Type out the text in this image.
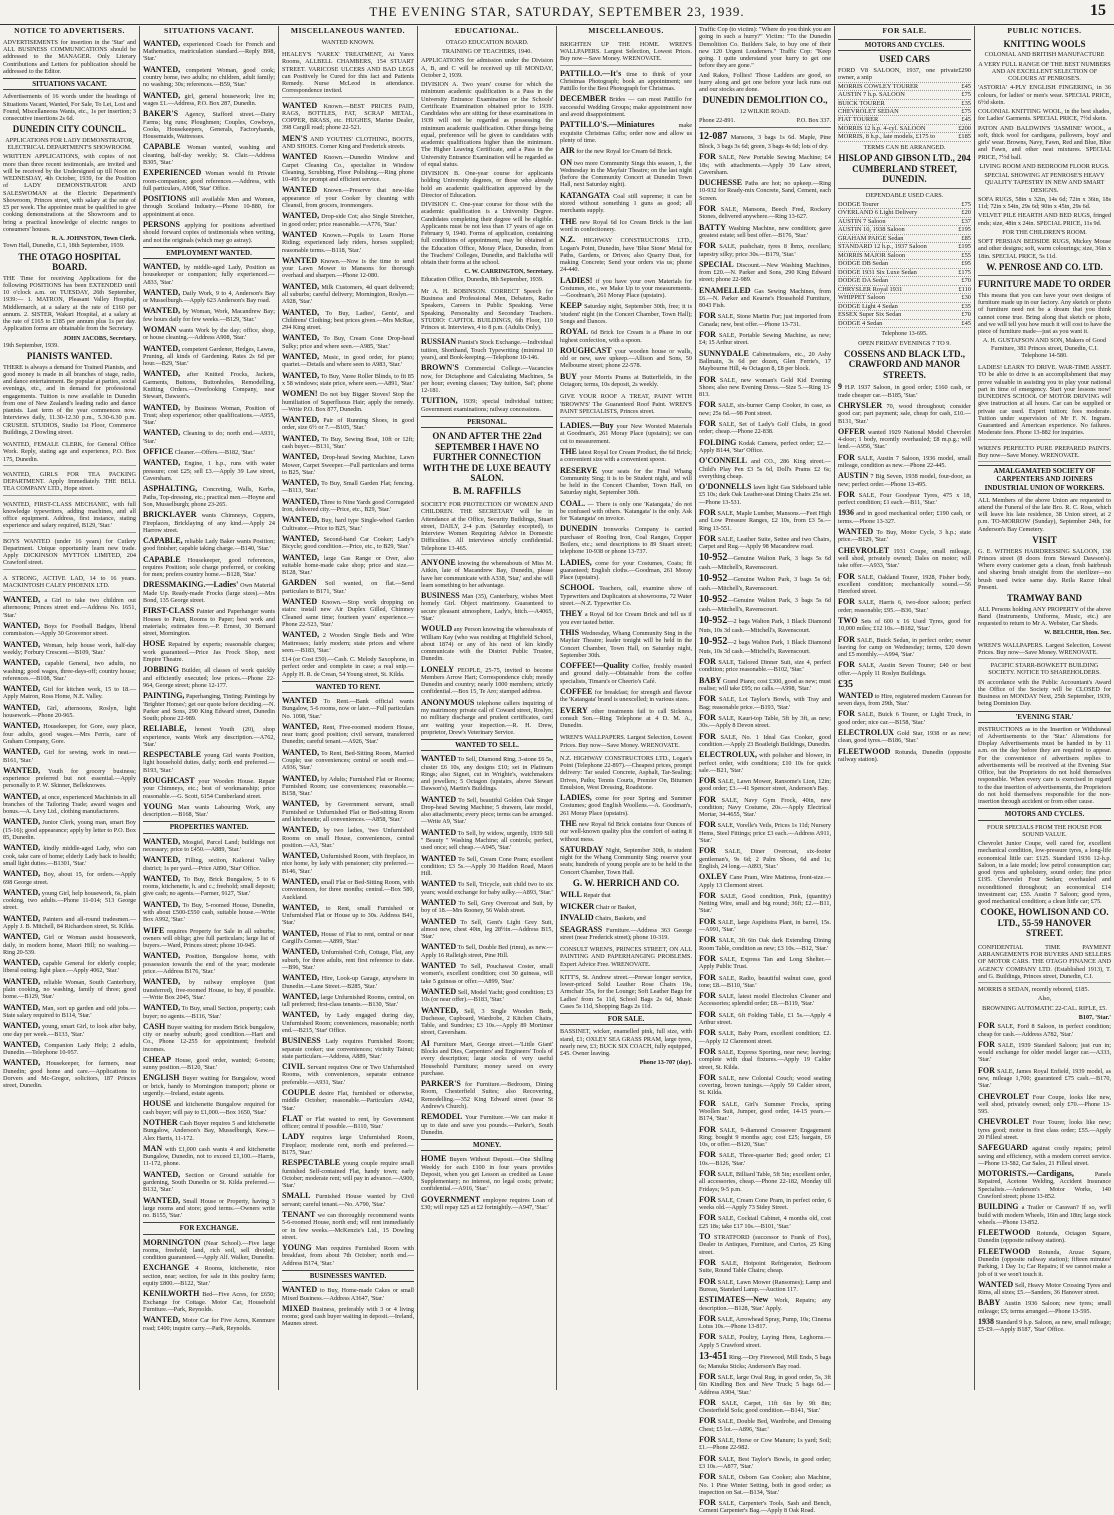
THE EVENING STAR, SATURDAY, SEPTEMBER 23, 1939.	15
NOTICE TO ADVERTISERS.
ADVERTISEMENTS for insertion in the 'Star' and ALL BUSINESS COMMUNICATIONS should be addressed to the MANAGER. Only Literary Contributions and Letters for publication should be addressed to the Editor.
SITUATIONS VACANT.
Advertisements of 16 words under the headings of Situations Vacant, Wanted, For Sale, To Let, Lost and Found, Miscellaneous Wants, etc., 1s per insertion; 3 consecutive insertions 2s 6d.
DUNEDIN CITY COUNCIL.
APPLICATIONS FOR LADY DEMONSTRATOR, ELECTRICAL DEPARTMENT'S SHOWROOM.
WRITTEN APPLICATIONS, with copies of not more than three recent testimonials, are invited and will be received by the Undersigned up till Noon on WEDNESDAY, 4th October, 1939, for the Position of LADY DEMONSTRATOR AND SALESWOMAN at the Electric Department's Showroom, Princes street, with salary at the rate of £5 per week. The appointee must be qualified to give cooking demonstrations at the Showroom and to bring a practical knowledge of electric ranges to consumers' houses.
R. A. JOHNSTON, Town Clerk.
Town Hall, Dunedin, C.1, 18th September, 1939.
THE OTAGO HOSPITAL BOARD.
THE Time for receiving Applications for the following POSITIONS has been EXTENDED until 10 o'clock a.m. on TUESDAY, 26th September, 1939:— 1. MATRON, Pleasant Valley Hospital, Middlemarch, at a salary at the rate of £160 per annum. 2. SISTER, Wakari Hospital, at a salary at the rate of £165 to £185 per annum plus 1s per day. Application forms are obtainable from the Secretary.
JOHN JACOBS, Secretary.
19th September, 1939.
PIANISTS WANTED.
THERE is always a demand for Trained Pianists, and good money is made in all branches of stage, radio, and dance entertainment. Be popular at parties, social evenings, etc., and in demand for professional engagements. Tuition is now available in Dunedin from one of New Zealand's leading radio and dance pianists. Last term of the year commences now. Interviews daily, 11.30-12.30 p.m., 5.30-6.30 p.m. CRUSEIL STUDIOS, Studio 1st Floor, Commerce Buildings, 2 Dowling street.
WANTED, FEMALE CLERK, for General Office Work. Reply, stating age and experience, P.O. Box 175, Dunedin.
WANTED, GIRLS FOR TEA PACKING DEPARTMENT. Apply Immediately. THE BELL TEA COMPANY LTD., Hope street.
WANTED, FIRST-CLASS MECHANIC, with full knowledge typewriters, adding machines, and all office equipment. Address, first instance, stating experience and salary required, B129, 'Star.'
BOYS WANTED (under 16 years) for Cutlery Department. Unique opportunity learn new trade. Apply DICKINSON MYTTON LIMITED, 204 Crawford street.
A STRONG, ACTIVE LAD, 14 to 16 years. MACKINTOSH CALEY PHOENIX LTD.
WANTED, a Girl to take two children out afternoons; Princes street end.—Address No. 1651, 'Star.'
WANTED, Boys for Football Badges, liberal commission.—Apply 30 Grosvenor street.
WANTED, Woman, help house work, half-day weekly; Forbury Crescent.—B109, 'Star.'
WANTED, capable General, two adults, no washing; good wages, three-days-off; country house; references.—B108, 'Star.'
WANTED, Girl for kitchen work, 15 to 18.—Apply Matron, Ross Home, N.E. Valley.
WANTED, Girl, afternoons, Roslyn, light housework.—Phone 20-965.
WANTED, Housekeeper, for Gore, easy place, four adults, good wages.—Mrs Ferris, care of Graham Company, Gore.
WANTED, Girl for sewing, work in neat.—B161, 'Star.'
WANTED, Youth for grocery business; experience preferred but not essential.—Apply personally to P. W. Skinner, Belleknowes.
WANTED, at once, experienced Machinists in all branches of the Tailoring Trade; award wages and bonus.—A. Levy Ltd., clothing manufacturers.
WANTED, Junior Clerk, young man, smart Boy (15-16); good appearance; apply by letter to P.O. Box 85, Dunedin.
WANTED, kindly middle-aged Lady, who can cook, take care of home; elderly Lady back to health; small light duties.—B1301, 'Star.'
WANTED, Boy, about 15, for orders.—Apply 698 George street.
WANTED, young Girl, help housework, 6s, plain cooking, two adults.—Phone 11-014; 513 George street.
WANTED, Painters and all-round tradesmen.—Apply J. B. Mitchell, 84 Richardson street, St. Kilda.
WANTED, Girl or Woman assist housework, daily, in modern home, Maori Hill; no washing.—Ring 20-539.
WANTED, capable General for elderly couple; liberal outing; light place.—Apply 4062, 'Star.'
WANTED, reliable Woman, South Canterbury, plain cooking, no washing, family of three; good home.—B129, 'Star.'
WANTED, Man, sort up garden and odd jobs.—State salary required to B114, 'Star.'
WANTED, young, smart Girl, to look after baby, one day per week.—B133, 'Star.'
WANTED, Companion Lady Help; 2 adults, Dunedin.—Telephone 10-957.
WANTED, Housekeeper, for farmers, near Dunedin; good home and care.—Applications to Dorvers and Mc-Gregor, solicitors, 187 Princes street, Dunedin.
SITUATIONS VACANT.
WANTED, experienced Coach for French and Mathematics, matriculation standard.—Reply B98, 'Star.'
WANTED, competent Woman, good cook; country home, two adults; no children, adult family; no washing; 30s; references.—B59, 'Star.'
WANTED, girl, general housework; live in; wages £1.—Address, P.O. Box 287, Dunedin.
BAKER'S Agency, Stafford street.—Dairy Farms; big runs; Ploughmen; Couples, Cowboys, Cooks, Housekeepers, Generals, Factoryhands, Housemaids, Waitresses.
CAPABLE Woman wanted, washing and cleaning, half-day weekly; St. Clair.—Address B305, 'Star.'
EXPERIENCED Woman would fit Private room-companion; good references.—Address, with full particulars, A908, 'Star' Office.
POSITIONS still available Men and Women, through Scotland Industry.—Phone 10-880, for appointment at once.
PERSONS applying for positions advertised should forward copies of testimonials when writing, and not the originals (which may go astray).
EMPLOYMENT WANTED.
WANTED, by middle-aged Lady, Position as housekeeper or companion; fully experienced.—A833, 'Star.'
WANTED, Daily Work, 9 to 4, Anderson's Bay or Musselburgh.—Apply 623 Anderson's Bay road.
WANTED, by Woman, Work, Macandrew Bay; few hours daily for few weeks.—B129, 'Star.'
WOMAN wants Work by the day; office, shop, or house cleaning.—Address A908, 'Star.'
WANTED, competent Gardener, Hedges, Lawns, Pruning, all kinds of Gardening. Rates 2s 6d per hour.—B29, 'Star.'
WANTED, after Knitted Frocks, Jackets, Garments, Buttons, Buttonholes, Remodelling, Knitting Orders.—Overlooking Company, near Stewart, Dawson's.
WANTED, by Business Woman, Position of Trust; shop experience; other qualifications.—A955, 'Star.'
WANTED, Cleaning to do; north end.—A931, 'Star.'
OFFICE Cleaner.—Offers.—B182, 'Star.'
WANTED, Engine, 1 h.p., runs with water pressure; cost £25; sell £3.—Apply 39 Law street, Caversham.
ASPHALTING, Concreting, Walls, Kerbs, Paths, Top-dressing, etc.; practical men.—Hoyne and Son, Musselburgh; phone 23-265.
BRICKLAYER wants Chimneys, Coppers, Fireplaces, Bricklaying of any kind.—Apply 24 Harrow street.
CAPABLE, reliable Lady Baker wants Position; good finisher; capable taking charge.—B140, 'Star.'
CAPABLE Housekeeper, good references, requires Position; sole charge preferred, or cooking for men; prefers country home.—B128, 'Star.'
DRESSMAKING.—Ladies' Own Material Made Up. Ready-made Frocks (large sizes).—Mrs Bond, 135 George street.
FIRST-CLASS Painter and Paperhanger wants Houses to Paint, Rooms to Paper; best work and materials; estimates free.—P. Ernest, 30 Bernard street, Mornington.
HOSE Repaired by experts; reasonable charges; work guaranteed.—Price Jas Frock Shop, next Empire Theatre.
JOBBING Builder, all classes of work quickly and efficiently executed; low prices.—Phone 22-964, George street; phone 12-177.
PAINTING, Paperhanging, Tinting; Paintings by 'Brighter Homes'; get our quote before deciding.—N. Parker and Sons, 290 King Edward street, Dunedin South; phone 22-989.
RELIABLE, honest Youth (20), shop experience, wants Work any description.—A762, 'Star.'
RESPECTABLE young Girl wants Position, light household duties, daily; north end preferred.—B193, 'Star.'
ROUGHCAST your Wooden House. Repair your Chimneys, etc.; best of workmanship; price reasonable.—G. Scott, 6154 Cumberland street.
YOUNG Man wants Labouring Work, any description.—B168, 'Star.'
PROPERTIES WANTED.
WANTED, Mosgiel, Parcel Land; buildings not necessary; price to £450.—A889, 'Star.'
WANTED, Filling, section, Kaikorai Valley district; 1s per yard.—Price A890, 'Star' Office.
WANTED, To Buy, Brick Bungalow, 5 to 6 rooms, kitchenette, h. and c.; freehold; small deposit; give cash; no agents.—Farmer, 9127, 'Star.'
WANTED, To Buy, 5-roomed House, Dunedin, with about £500-£550 cash, suitable house.—Write Box A992, 'Star.'
WIFE requires Property for Sale in all suburbs; owners will oblige; give full particulars; large list of buyers.—Ward, Princes street; phone 10-945.
WANTED, Position, Bungalow home, with possession towards the end of the year; moderate price.—Address B176, 'Star.'
WANTED, by railway employee (just transferred), five-roomed House, to buy, if possible.—Write Box 2045, 'Star.'
WANTED, To Buy, small Section, property; cash buyer; no agents.—B116, 'Star.'
CASH Buyer waiting for modern Brick bungalow, city or nearby suburb; good condition.—Hart and Co., Phone 12-255 for appointment; freehold incomes.
CHEAP House, good order, wanted; 6-room; sunny position.—B120, 'Star.'
ENGLISH Buyer waiting for Bungalow, wood or brick, handy to Mornington transport; phone or urgently.—Ireland, estate agents.
HOUSE and kitchenette Bungalow required for cash buyer; will pay to £1,000.—Box 1650, 'Star.'
NOTHER Cash Buyer requires 5 and kitchenette Bungalow, Anderson's Bay, Musselburgh, Kew.—Alex Harris, 11-172.
MAN with £1,000 cash wants 4 and kitchenette Bungalow, Dunedin, not to exceed £1,100.—Harris, 11-172, phone.
WANTED, Section or Ground suitable for gardening, South Dunedin or St. Kilda preferred.—B132, 'Star.'
WANTED, Small House or Property, having 3 large rooms and store; good terms.—Owners write no. B155, 'Star.'
FOR EXCHANGE.
MORNINGTON (Near School).—Five large rooms, freehold; land, rich soil, sell divided; condition guaranteed.—Apply Alf. Walker, Dunedin.
EXCHANGE 4 Rooms, kitchenette, nice section, near; section, for sale in this poultry farm; equity £800.—B122, 'Star.'
KENILWORTH Bed—Five Acres, for £650; Exchange for Cottage. Motor Car, Household Furniture.—Park, Reynolds.
WANTED, Motor Car for Five Acres, Kenmure road; £400; inquire carry.—Park, Reynolds.
MISCELLANEOUS WANTED.
WANTED KNOWN.
HEALEY'S 'YAREX' TREATMENT, At Yarex Rooms, ALLBELL CHAMBERS, 154 STUART STREET. VARICOSE ULCERS AND BAD LEGS can Positively be Cured for this fact and Patients Remedy. Nurse McLeod in attendance. Correspondence invited.
WANTED Known.—BEST PRICES PAID, RAGS, BOTTLES, FAT, SCRAP METAL, COPPER, BRASS, etc. HUGHES, Marine Dealer, 398 Cargill road; phone 22-521.
MEN'S AND YOUTHS' CLOTHING, BOOTS, AND SHOES. Corner King and Frederick streets.
WANTED Known.—Dunedin Window and Carpet Cleaning Co., specialize in Window Cleaning, Scrubbing, Floor Polishing.—Ring phone 10-495 for prompt and efficient service.
WANTED Known.—Preserve that new-like appearance of your Cooker by cleaning with Cleansil, from grocers, ironmongers.
WANTED, Drop-side Cot; also Single Stretcher, in good order; price reasonable.—A776, 'Star.'
WANTED Known.—Pupils to Learn Horse Riding; experienced lady riders, horses supplied; reasonable terms.—B118, 'Star.'
WANTED Known.—Now is the time to send your Lawn Mower to Mansons for thorough overhaul and sharpen.—Phone 12-080.
WANTED, Milk Customers, 4d quart delivered; all suburbs; careful delivery; Mornington, Roslyn.—A928, 'Star.'
WANTED, To Buy, Ladies', Gents', and Childrens' Clothing; best prices given.—Mrs McRae, 294 King street.
WANTED, To Buy, Cream Cone Drop-head Sulky; price and where seen.—A985, 'Star.'
WANTED, Music, in good order, for piano; quartet.—Details and where seen to A983, 'Star.'
WANTED, To Buy, Varee Roller Blinds, to fit 85 x 58 windows; state price, where seen.—A891, 'Star.'
WOMEN! Do not buy Bigger Stoves! Stop the humiliation of Superfluous Hair; apply the remedy.—Write P.O. Box 877, Dunedin.
WANTED, Pair of Running Shoes, in good order, size 6½ or 7.—B105, 'Star.'
WANTED, To Buy, Sewing Boat, 10ft or 12ft; cash buyer.—B131, 'Star.'
WANTED, Drop-head Sewing Machine, Lawn Mower, Carpet Sweeper.—Full particulars and terms to B25, 'Star.'
WANTED, To Buy, Small Garden Flat; fencing.—B113, 'Star.'
WANTED, Three to Nine Yards good Corrugated Iron, delivered city.—Price, etc., B29, 'Star.'
WANTED, Buy, hard type Single-wheel Garden Cultivator.—Price to B25, 'Star.'
WANTED, Second-hand Car Cooker; Lady's Bicycle; good condition.—Price, etc., to B29, 'Star.'
WANTED, large Gas Range or Over, also suitable home-made cake shop; price and size.—B128, 'Star.'
GARDEN Soil wanted, on flat.—Send particulars to B171, 'Star.'
WANTED Known.—Stop work dropping on stairs: install new Air Duplex Gilled, Chimney Cleaned same time; fourteen years' experience.—Phone 22-523, 'Star.'
WANTED, 2 Wooden Single Beds and Wire Mattresses; fairly modern; state prices and where seen.—B183, 'Star.'
£14 (or Cost £50).—Cash. C. Melody Saxophone, in perfect order and complete in case; a real snip.—Apply H. R. de Crean, 54 Young street, St. Kilda.
WANTED TO RENT.
WANTED To Rent.—Bank official wants Bungalow, 5-6 rooms, now or later.—Full particulars No. 1098, 'Star.'
WANTED, Rent, Five-roomed modern House, near tram; good position; civil servant, transferred Dunedin; careful tenant.—A926, 'Star.'
WANTED, To Rent, Bed-Sitting Room, Married Couple; use conveniences; central or south end.—A936, 'Star.'
WANTED, by Adults; Furnished Flat or Rooms; Furnished Room; use conveniences; reasonable.—B158, 'Star.'
WANTED, by Government servant, small Furnished or Unfurnished Flat or Bed-sitting Room and kitchenette; all conveniences.—A858, 'Star.'
WANTED, by two ladies, 'two Unfurnished Rooms on small House, conveniences, central position.—A3, 'Star.'
WANTED, Unfurnished Room, with fireplace, in nice home, by lady with pensioner; city preferred.—B146, 'Star.'
WANTED, small Flat or Bed-Sitting Room, with conveniences, for three months; central.—Box 580, Auckland.
WANTED, to Rent, small Furnished or Unfurnished Flat or House up to 30s. Address B41, 'Star.'
WANTED, House of Flat to rent, central or near Cargill's Corner.—A899, 'Star.'
WANTED, Unfurnished Crib, Cottage, Flat, any suburb, for three adults, rent first reference to date.—B96, 'Star.'
WANTED, Hire, Look-up Garage, anywhere in Dunedin.—Lane Street.—B285, 'Star.'
WANTED, large Unfurnished Rooms, central, on tall preferred; first-class tenants.—B130, 'Star.'
WANTED, by Lady engaged during day, Unfurnished Room; conveniences, reasonable; north end.—B215, 'Star' Office.
BUSINESS Lady requires Furnished Room; separate cooker; use conveniences; vicinity Tainui; state particulars.—Address, A889, 'Star.'
CIVIL Servant requires One or Two Unfurnished Rooms, with conveniences, separate entrance preferable.—A931, 'Star.'
COUPLE desire Flat, furnished or otherwise, middle October; reasonable.—Particulars A942, 'Star.'
FLAT or Flat wanted to rent, by Government officer; central if possible.—B110, 'Star.'
LADY requires large Unfurnished Room, Fireplace; moderate rent, north end preferred.—B175, 'Star.'
RESPECTABLE young couple require small furnished Self-contained Flat, handy town; early October; moderate rent; will pay in advance.—A900, 'Star.'
SMALL Furnished House wanted by Civil servant; careful tenant.—No. A790, 'Star.'
TENANT we can thoroughly recommend wants 5-6-roomed House, north end; will rent immediately or in few weeks.—McKenzie's Ltd., 15 Dowling street.
YOUNG Man requires Furnished Room with breakfast, from about 7th October; north end.—Address B174, 'Star.'
BUSINESSES WANTED.
WANTED to Buy, Home-made Cakes or small Mixed Business.—Address A3647, 'Star.'
MIXED Business, preferably with 3 or 4 living rooms; good cash buyer waiting in deposit.—Ireland, Maunes street.
EDUCATIONAL.
OTAGO EDUCATION BOARD.
TRAINING OF TEACHERS, 1940.
APPLICATIONS for admission under the Division A, B, and C will be received up till MONDAY, October 2, 1939.
DIVISION A. Two years' course for which the minimum academic qualification is a Pass in the University Entrance Examination or the Schools' Certificate Examination obtained prior to 1939. Candidates who are sitting for these examinations in 1939 will not be regarded as possessing the minimum academic qualification. Other things being equal, preference will be given to candidates with academic qualifications higher than the minimum. The Higher Leaving Certificate, and a Pass in the University Entrance Examination will be regarded as of equal status.
DIVISION B. One-year course for applicants holding University degrees, or those who already hold an academic qualification approved by the Director of Education.
DIVISION C. One-year course for those with the academic qualification is a University Degree. Candidates completing their degree will be eligible. Applicants must be not less than 17 years of age on February 9, 1940. Forms of application, containing full conditions of appointment, may be obtained at the Education Office, Moray Place, Dunedin, from the Teachers' Colleges, Dunedin, and Balclutha will obtain their forms at the school.
C. W. CARRINGTON, Secretary.
Education Office, Dunedin, 8th September, 1939.
Mr A. H. ROBINSON. CORRECT Speech for Business and Professional Men, Debaters, Radio Speakers, Careers in Public Speaking. Verse Speaking, Personality and Secondary Teachers. STUDIO: CAPITOL BUILDINGS, 6th Floor, 110 Princes st. Interviews, 4 to 8 p.m. (Adults Only).
RUSSIAN Pianist's Stock Exchange.—Individual tuition, Shorthand, Touch Typewriting (minimal 10 years), and Book-keeping.—Telephone 10-146.
BROWN'S Commercial College.—Vacancies now, for Dictaphone and Calculating Machines, 5s per hour; evening classes; 'Day tuition, Sat'; phone 12-181.
TUITION, 1939; special individual tuition; Government examinations; railway concessions.
PERSONAL.
ON AND AFTER THE 22nd SEPTEMBER I HAVE NO FURTHER CONNECTION WITH THE DE LUXE BEAUTY SALON.
B. M. RAFFILLS
SOCIETY FOR PROTECTION OF WOMEN AND CHILDREN. THE SECRETARY will be in Attendance at the Office, Security Buildings, Stuart street, DAILY, 2-4 p.m. (Saturday excepted), to Interview Women Requiring Advice in Domestic Difficulties. All interviews strictly confidential. Telephone 13-465.
ANYONE knowing the whereabouts of Miss M. Aitkin, late of Macandrew Bay, Dunedin, please have her communicate with A338, 'Star,' and she will learn something to her advantage.
BUSINESS Man (35), Canterbury, wishes Meet homely Girl. Object matrimony. Guaranteed to secure pleasant atmosphere, Lady's, hitch.—A4065, 'Star.'
WOULD any Person knowing the whereabouts of William Kay (who was residing at Highfield School, about 1874) or any of his next of kin kindly communicate with the District Public Trustee, Dunedin.
LONELY PEOPLE, 25-75, invited to become Members Arrow Hart; Correspondence club; mostly Dunedin and country; nearly 1000 members; strictly confidential.—Box 15, Te Aro; stamped address.
ANONYMOUS telephone callers inquiring of my matrimony private call of Coward street, Roslyn; no military discharge and prudent certificates, card are waiting your inspection.—R. H. Drew, proprietor, Drew's Veterinary Service.
WANTED TO SELL.
WANTED To Sell, Diamond Ring, 3-stone £6 5s, cluster £6 10s, any designs £10; set in Platinum Rings; also Signet, cut in Wrighte's, watchmakers and jewellers; 5 Octagon (upstairs, above Stewart Dawson's), Martin's Buildings.
WANTED To Sell, beautiful Golden Oak Singer Drop-head Sewing Machine; 5 drawers, late model, also attachments; every piece; terms can be arranged.—Write A9, 'Star.'
WANTED To Sell, by widow, urgently, 1939 Sill '' Beauty '' Washing Machine; all controls; perfect, used once; sell cheap.—A945, 'Star.'
WANTED To Sell, Cream Cone Pram; excellent condition; £3 5s.—Apply 30 Haddon Road, Maori Hill.
WANTED To Sell, Tricycle, suit child two to six years; would exchange for baby sulky.—A893, 'Star.'
WANTED To Sell, Grey Overcoat and Suit, by boy of 18.—Mrs Rooney, 56 Walsh street.
WANTED To Sell, Gent's Light Grey Suit, almost new, chest 40in, leg 28½in.—Address B15, 'Star.'
WANTED To Sell, Double Bed (rimu), as new.—Apply 16 Ralleigh street, Pine Hill.
WANTED To Sell, Pouchawai Coster, small women's, excellent condition; cost 30 guineas, will take 5 guineas or offer.—A899, 'Star.'
WANTED Sell, Model Yacht; good condition; £3 10s (or near offer).—B183, 'Star.'
WANTED, Sell, 3 Single Wooden Beds, Duchesse, Cupboard, Wardrobe, 2 Kitchen Chairs, Table, and Sundries; £3 10s.—Apply 89 Mortimer street, Caversham.
AI Furniture Mart, George street.—'Little Giant' Blocks and Dies, Carpenters' and Engineers' Tools of every description; large stocks of very useful Household Furniture; money saved on every purchase.
PARKER'S for Furniture.—Bedroom, Dining Room, Chesterfield Suites; also Recovering, Remodelling.—352 King Edward street (near St Andrew's Church).
REMODEL Your Furniture.—We can make it up to date and save you pounds.—Parker's, South Dunedin.
MONEY.
HOME Buyers Without Deposit.—One Shilling Weekly for each £100 in four years provides Deposit, when you get Lesson as credited as Lease Supplementary; no interest, no legal costs; private; confidential.—A916, 'Star.'
GOVERNMENT employee requires Loan of £30; will repay £25 at £2 fortnightly.—A947, 'Star.'
MISCELLANEOUS.
BRIGHTEN UP THE HOME. WREN'S WALLPAPERS. Largest Selection, Lowest Prices. Buy now—Save Money. WRENOVATE.
PATTILLO.—It's time to think of your Christmas Photograph; book an appointment; see Pattillo for the Best Photograph for Christmas.
DECEMBER Brides — can most Pattillo for successful Wedding Groups; make appointment now and avoid disappointment.
PATTILLO'S.—Miniatures make exquisite Christmas Gifts; order now and allow us plenty of time.
AIR for the new Royal Ice Cream 6d Brick.
ON two more Community Sings this season, 1, the Wednesday in the Mayfair Theatre; on the last night (before the Community Concert at Dunedin Town Hall, next Saturday night).
KATANGATA Coal still supreme; it can be stored without something 1 guns as good; all merchants supply.
THE new Royal 6d Ice Cream Brick is the last word in confectionery.
N.Z. HIGHWAY CONSTRUCTORS LTD., Logan's Point, Dunedin, have 'Blue Stone' Metal for Paths, Gardens, or Drives; also Quarry Dust, for making Concrete; Send your orders via us; phone 24-440.
LADIES! if you have your own Materials for Costumes, etc., we Make Up to your measurements.—Goodman's, 261 Moray Place (upstairs).
KEEP Saturday night, September 30th, free; it is 'student' night (in the Concert Chamber, Town Hall); Songs and Dances.
ROYAL 6d Brick Ice Cream is a Phase in our highest confection, with a spoon.
ROUGHCAST your wooden house or walls, old or new, save upkeep.—Allison and Sons, 50 Melbourne street; phone 22-578.
BUY your Morris Prams at Butterfields, in the Octagon; terms, 10s deposit, 2s weekly.
GIVE YOUR ROOF A TREAT, PAINT WITH 'BROWN'S' The Guaranteed Roof Paint. WREN'S PAINT SPECIALISTS, Princes street.
LADIES.—Buy your New Worsted Materials at Goodman's, 261 Moray Place (upstairs); we can cut to measurement.
THE latest Royal Ice Cream Product, the 6d Brick; a convenient size with a convenient spoon.
RESERVE your seats for the Final Whang Community Sing; it is to be Student night, and will be held in the Concert Chamber, Town Hall, on Saturday night, September 30th.
COAL. — There is only one 'Katangata,' do not be confused with others. 'Katangata' is the only. Ask for 'Katangata' on invoice.
DUNEDIN Ironworks Company is carried purchaser of Roofing Iron, Coal Ranges, Copper Boilers, etc.; send descriptions to 89 Stuart street; telephone 10-938 or phone 13-737.
LADIES, come for your Costumes, Coats; fit guaranteed; English cloths.—Goodman, 261 Moray Place (upstairs).
SCHOOL Teachers, call, examine show of Typewriters and Duplicators at showrooms, 72 Water street.—N.Z. Typewriter Co.
THEY a Royal 6d Ice Cream Brick and tell us if you ever tasted better.
THIS Wednesday, Whang Community Sing in the Mayfair Theatre; leader tonight will be held in the Concert Chamber, Town Hall, on Saturday night, September 30th.
COFFEE!—Quality Coffee, freshly roasted and ground daily.—Obtainable from the coffee specialists, Timaru's or Cheerio's Café.
COFFEE for breakfast; for strength and flavour the 'Katangata' brand is unexcelled; in various sizes.
EVERY other treatments fail to call Sickness consult Son.—Ring Telephone at 4 D. M. A., Dunedin.
WREN'S WALLPAPERS. Largest Selection, Lowest Prices. Buy now—Save Money. WRENOVATE.
N.Z. HIGHWAY CONSTRUCTORS LTD., Logan's Point (Telephone 22-897).—Cheapest prices, prompt delivery: Tar sealed Concrete, Asphalt, Tar-Sealing; Drives, Paths; Tennis Courts, Premier On, Bitumen Emulsion, West Dressing, Roadstone.
LADIES, come for your Spring and Summer Costumes; good English Woollens.—A. Goodman's, 261 Moray Place (upstairs).
THE new Royal 6d Brick contains four Ounces of our well-known quality plus the comfort of eating it without mess.
SATURDAY Night, September 30th, is student night for the Whang Community Sing; reserve your seats; hundreds of young people are to be held in the Concert Chamber, Town Hall.
G. W. HERRICH AND CO.
WILL Repair that
WICKER Chair or Basket,
INVALID Chairs, Baskets, and
SEAGRASS Furniture.—Address 363 George street (near Frederick street); phone 10-319.
CONSULT WREN'S, PRINCES STREET, ON ALL PAINTING AND PAPERHANGING PROBLEMS. Expert Advice Free. WRENOVATE.
KITT'S, St. Andrew street.—Prewar longer service, lower-priced Solid Leather Rose Chairs 19s, Armchair 35s, for the Lounge; Soft Leather Bags for Ladies' from 5s 11d, School Bags 2s 6d, Music Cases 5s 11d, Shopping Bags 2s 11d.
FOR SALE.
BASSINET, wicker, enamelled pink, full size, with stand, £1; OXLEY SEA GRASS PRAM, large tyres, nearly new, £3; BUCK SIX COACH, fully equipped, £45. Owner leaving.
Phone 13-707 (day).
Traffic Cop (to victim): "Where do you think you are going in such a hurry?" Victim: "To the Dunedin Demolition Co. Builders Sale, to buy one of their new 120 Urgent Loudeners." Traffic Cop: "Keep going. I quite understand your hurry to get one before they are gone."
And Rakes, Follies! Those Ladders are good, so hurry along and get one before your luck runs out and our stocks are done.
DUNEDIN DEMOLITION CO.,
12 WILKIE ROAD.
Phone 22-891.	P.O. Box 337.
12-087 Mansons, 3 bags 1s 6d. Maple, Pine Block, 3 bags 3s 6d; green, 3 bags 4s 6d; lots of dry.
FOR SALE, New Portable Sewing Machine; £4 18s; with attachments.—Apply 39 Law street, Caversham.
DUCHESSE Paths are hot; no upkeep.—Ring 10-932 for Ready-mix Concrete, Sand, Cement, each Screen.
FOR SALE, Mansons, Beech Fred, Rockery Stones, delivered anywhere.—Ring 13-627.
BATTY Washing Machine, new condition; gave greatest estate; sell best offer.—B176, 'Star.'
FOR SALE, pushchair, tyres 8 lbmx, recollars; tapestry silky; price 30s.—B179, 'Star.'
SPECIAL Discount.—New Washing Machines, from £20.—N. Parker and Sons, 290 King Edward street; phone 22-989.
ENAMELLED Gas Sewing Machines, from £6.—N. Parker and Kearne's Household Furniture, 8043 Fish.
FOR SALE, Stone Martin Fur; just imported from Canada; new, best offer.—Phone 13-731.
FOR SALE, Portable Sewing Machine, as new; £4; 15 Arthur street.
SUNNYDALE Cabinetmakers, etc., 20 Ashy Ballmain, 3s 6d per dozen, Glen Ferrie's, 17 Maybourne Hill, 4s Octagon 8, £8 per block.
FOR SALE, new woman's Gold Kid Evening Shoes; also new Evening Dress.—Size 5.—Ring 13-813.
FOR SALE, six-burner Camp Cooker, in case, as new; 25s 6d.—98 Pont street.
FOR SALE, Set of Lady's Golf Clubs, in good order; cheap.—Phone 22-838.
FOLDING Kodak Camera, perfect order; £2.—Apply B144, 'Star' Office.
O'CONNELL and CO., 286 King street.—Child's Play Pen £3 5s 6d, Doll's Prams £2 6s; everything cheap.
O'DONNELLS lawn light Gas Sideboard table £5 10s; dark Oak Leather-seat Dining Chairs 25s set.—Phone 13-531.
FOR SALE, Maple Lumber, Mansons.—Feet High and Low Pressure Ranges, £2 10s, from £3 5s.—Ring 13-551.
FOR SALE, Leather Suite, Settee and two Chairs, Carpet and Rug.—Apply 98 Macandrew road.
10-952—Genuine Walton Park, 3 bags 5s 6d cash.—Mitchell's, Ravenscourt.
10-952—Genuine Walton Park, 3 bags 5s 6d; cash.—Mitchell's, Ravenscourt.
10-952—Genuine Walton Park, 3 bags 5s 6d cash.—Mitchell's, Ravenscourt.
10-952—2 bags Walton Park, 1 Black Diamond Nuts, 10s 3d cash.—Mitchell's, Ravenscourt.
10-952—2 bags Walton Park, 1 Black Diamond Nuts, 10s 3d cash.—Mitchell's, Ravenscourt.
FOR SALE, Tailored Dinner Suit, size 4, perfect condition; price reasonable.—B102, 'Star.'
BABY Grand Piano; cost £300, good as new; must realise; will take £95; no calls.—A998, 'Star.'
FOR SALE, Lot Taylor's Bowls, with Tray and Bag; reasonable price.—B193, 'Star.'
FOR SALE, Kauri-top Table, 5ft by 3ft, as new; 30s.—Apply 8 Devon street.
FOR SALE, No. 1 Ideal Gas Cooker, good condition.—Apply 23 Boatleigh Buildings, Dunedin.
ELECTROLUX, with polisher and blower, in perfect order, with conditions; £10 10s for quick sale.—B21, 'Star.'
FOR SALE, Lawn Mower, Ransome's Lion, 12in; good order; £3.—41 Spencer street, Anderson's Bay.
FOR SALE, Navy Gym Frock, 40in, new condition; Navy Costume, 20s.—Apply Electrical Mortar, 34-4655, 'Star.'
FOR SALE, Vorelle's Veils, Prices 1s 11d; Nursery Hems, Steel Fittings; price £3 each.—Address A911, 'Star.'
FOR SALE, Diner Overcoat, six-footer gentleman's, 9s 6d; 2 Palm Shoes, 6d and 1s; English, 24 long.—A893, 'Star.'
OXLEY Cane Pram, Wire Mattress, front-size.—Apply 13 Clermont street.
FOR SALE, Good condition, Pink, (quantity) Netting Wire, small and big round; 36ft; £2.—B11, 'Star.'
FOR SALE, large Aspidistra Plant, in barrel, 15s.—A991, 'Star.'
FOR SALE, 3ft 6in Oak dark Extending Dining Room Table, condition as new; £3 10s.—B12, 'Star.'
FOR SALE, Express Tan and Long Shelter.—Apply Public Trust.
FOR SALE, Radio, beautiful walnut case, good tone; £8.—B110, 'Star.'
FOR SALE, latest model Electrolux Cleaner and Accessories; splendid order; £8.—B119, 'Star.'
FOR SALE, 6ft Folding Table, £1 5s.—Apply 4 Arthur street.
FOR SALE, Baby Pram, excellent condition; £2.—Apply 12 Claremont street.
FOR SALE, Express Sporting, near new; leaving; complete with dual fixtures.—Apply 19 Calder street, St. Kilda.
FOR SALE, new Colonial Couch; wood seating covering, brown tunings.—Apply 59 Calder street, St. Kilda.
FOR SALE, Girl's Summer Frocks, spring Woollen Suit, Jumper, good order, 14-15 years.—B174, 'Star.'
FOR SALE, 9-diamond Crossover Engagement Ring; bought 9 months ago; cost £25; bargain, £6 10s, or offer.—B120, 'Star.'
FOR SALE, Three-quarter Bed; good order; £1 10s.—B126, 'Star.'
FOR SALE, Billiard Table, 5ft 5in; excellent order, all accessories, cheap.—Phone 22-182, Monday till Fridays; 9-5 p.m.
FOR SALE, Cream Cone Pram, in perfect order, 6 weeks old.—Apply 73 Sidey Street.
FOR SALE, Cocktail Cabinet, 4 months old, cost £25 18s; take £17 10s.—B101, 'Star.'
TO STRATFORD (successor to Frank of Fox), Dealer in Antiques, Furniture, and Curios, 25 King street.
FOR SALE, Hotpoint Refrigerator, Bedroom Suite, Round Table Chairs; cheap.
FOR SALE, Lawn Mower (Ransomes); Lamp and Bureau, Standard Lamp.—Auction 117.
ESTIMATES—New Work, Repairs; any description.—B128, 'Star.' Apply.
FOR SALE, Arrowhead Spray, Pump, 10s; Cinema Lotus 10s.—Phone 13-817.
FOR SALE, Poultry, Laying Hens, Leghorns.—Apply 5 Crawford street.
13-451 Ring.—Dry Firewood, Mill Ends, 5 bags 6s; Manuka Sticks; Anderson's Bay road.
FOR SALE, large Oval Rug, in good order, 5s, 3ft 6in Kindling Box and New Truck; 5 bags 6d.—Address A904, 'Star.'
FOR SALE, Carpet, 11ft 6in by 9ft 8in; Chesterfield Sofa; good condition.—B141, 'Star.'
FOR SALE, Double Bed, Wardrobe, and Dressing Chest; £5 lot.—A896, 'Star.'
FOR SALE, Horse or Cow Manure; 1s yard; Soil; £1.—Phone 22-982.
FOR SALE, Best Taylor's Bowls, in good order; £3 10s.—A877, 'Star.'
FOR SALE, Osborn Gas Cooker; also Machine, No. 1 Pine Winter Setting, both in good order; as inspection on Sat.—B134, 'Star.'
FOR SALE, Carpenter's Tools, Sash and Bench, Cement Carpenter's Bag.—Apply 8 Oak Road.
FOR SALE.
MOTORS AND CYCLES.
USED CARS
FORD V8 SALOON, 1937, one private owner, a snip
£290
MORRIS COWLEY TOURER	£45
AUSTIN 7 h.p. SALOON	£75
BUICK TOURER	£35
CHEVROLET SEDAN	£75
FIAT TOURER	£45
MORRIS 12 h.p. 4-cyl. SALOON	£200
MORRIS, 8 h.p., late models, £175 to	£185
TERMS CAN BE ARRANGED.
HISLOP AND GIBSON LTD., 204 CUMBERLAND STREET, DUNEDIN.
DEPENDABLE USED CARS.
DODGE Tourer	£75
OVERLAND 6 Light Delivery	£20
AUSTIN 7 Saloon	£37
AUSTIN 10, 1938 Saloon	£195
GRAHAM PAIGE Sedan	£85
STANDARD 12 h.p., 1937 Saloon	£195
MORRIS MAJOR Saloon	£55
DODGE DB Sedan	£95
DODGE 1931 Six Luxe Sedan	£175
DODGE DA Sedan	£70
CHRYSLER Royal 1931	£110
WHIPPET Saloon	£30
DODGE Light 4 Sedan	£35
ESSEX Super Six Sedan	£70
DODGE 4 Sedan	£45
Telephone 13-695.
OPEN FRIDAY EVENINGS 7 TO 9.
COSSENS AND BLACK LTD., CRAWFORD AND MANOR STREETS.
9 H.P. 1937 Saloon, in good order; £160 cash, or trade cheaper car.—B185, 'Star.'
CHRYSLER 70, wood throughout; consider good car; part payment; sale, cheap for cash, £10.—B131, 'Star.'
OFFER wanted 1929 National Model Chevrolet 4-door; 1 body, recently overhauled; £8 m.p.g.; will lend.—A956, 'Star.'
FOR SALE, Austin 7 Saloon, 1936 model, small mileage, condition as new.—Phone 22-445.
AUSTIN 7 Big Seven, 1938 model, four-door, as new; perfect order.—Phone 13-495.
FOR SALE, Four Goodyear Tyres, 475 x 18, perfect condition; £1 each.—B11, 'Star.'
1936 and in good mechanical order; £190 cash, or terms.—Phone 13-327.
WANTED To Buy, Motor Cycle, 3 h.p.; state price.—B129, 'Star.'
CHEVROLET 1931 Coupe, small mileage, well shod, privately owned; Dales on motor; will take offer.—A933, 'Star.'
FOR SALE, Oakland Tourer, 1928, Fisher body, excellent condition; mechanically sound.—56 Hereford street.
FOR SALE, Harris 6, two-door saloon; perfect order; reasonable; £95.—B36, 'Star.'
TWO Sets of 600 x 16 Used Tyres, good for 10,000 miles; £12 10s.—B182, 'Star.'
FOR SALE, Buick Sedan, in perfect order; owner leaving for camp on Wednesday; terms, £20 down and £5 monthly.—A994, 'Star.'
FOR SALE, Austin Seven Tourer; £40 or best offer.—Apply 11 Roslyn Buildings.
£35
WANTED to Hire, registered modern Caravan for seven days, from 29th, 'Star.'
FOR SALE, Buick 6 Tourer, or Light Truck, in good order; nice car.—B158, 'Star.'
ELECTROLUX Gold Star, 1938 or as new; clean, good tyres.—B186, 'Star.'
FLEETWOOD Rotunda, Dunedin (opposite railway station).
PUBLIC NOTICES.
KNITTING WOOLS
COLONIAL AND BRITISH MANUFACTURE
A VERY FULL RANGE OF THE BEST NUMBERS AND AN EXCELLENT SELECTION OF COLOURS AT PENROSE'S.
'ASTORIA' 4-PLY ENGLISH FINGERING, in 36 colours, for ladies' or men's wear. SPECIAL PRICE, 6½d skein.
COLONIAL KNITTING WOOL, in the best shades, for Ladies' Garments. SPECIAL PRICE, 7½d skein.
PATON AND BALDWIN'S 'JASMINE' WOOL, a soft, thick wool for cardigans, pullovers, boys' and girls' wear. Browns, Navy, Fawn, Red and Blue, Blue and Fawn, and other neat mixtures. SPECIAL PRICE, 7½d ball.
LIVING ROOM AND BEDROOM FLOOR RUGS.
SPECIAL SHOWING AT PENROSE'S HEAVY QUALITY TAPESTRY IN NEW AND SMART DESIGNS.
SOFA RUGS, 58in x 32in, 14s 6d; 72in x 36in, 18s 11d; 72in x 54in, 29s 6d; 90in x 45in, 29s 6d.
VELVET PILE HEARTH AND BED RUGS, fringed ends; size, 48in x 24in. SPECIAL PRICE, 11s 9d.
FOR THE CHILDREN'S ROOM.
SOFT PERSIAN BEDSIDE RUGS, Mickey Mouse and other designs; soft, warm colourings; size, 36in x 18in. SPECIAL PRICE, 5s 11d.
W. PENROSE AND CO. LTD.
FURNITURE MADE TO ORDER
This means that you can have your own designs of furniture made up in our factory. Any sketch or photo of furniture need not be a dream that you think cannot come true. Bring along that sketch or photo, and we will tell you how much it will cost to have the piece of furniture made—just as you want it.
A. H. GUSTAFSON AND SON, Makers of Good Furniture, 381 Princes street, Dunedin, C.I. Telephone 14-580.
LADIES! LEARN TO DRIVE. WAR-TIME ASSET. TO be able to drive is an accomplishment that may prove valuable in assisting you to play your national part in time of emergency. Start your lessons now! DUNEDIN'S SCHOOL OF MOTOR DRIVING will give instruction at all hours. Car can be supplied or private car used. Expert tuition; fees moderate. Tuition under supervision of Mr F. N. Ingram. Guaranteed and American experience. No failures. Moderate fees. Phone 13-882 for inquiries.
WREN'S PERFECTO PURE PREPARED PAINTS. Buy now—Save Money. WRENOVATE.
AMALGAMATED SOCIETY OF CARPENTERS AND JOINERS INDUSTRIAL UNION OF WORKERS.
ALL Members of the above Union are requested to attend the Funeral of the late Bro. R. C. Ross, which will leave his late residence, 38 Union street, at 2 p.m. TO-MORROW (Sunday), September 24th, for Anderson's Bay Cemetery.
VISIT
G. E. WITHERS HAIRDRESSING SALOON, 138 Princes street (8 doors from Steward Dawson's). Where every customer gets a clean, fresh hairbrush and shaving brush straight from the sterilizer—no brush used twice same day. Reila Razor Ideal Present.
TRAMWAY BAND
ALL Persons holding ANY PROPERTY of the above Band (Instruments, Uniforms, Music, etc.) are requested to return to Mr A. Webster, Car Sheds.
W. BELCHER, Hon. Sec.
WREN'S WALLPAPERS. Largest Selection, Lowest Prices. Buy now—Save Money. WRENOVATE.
PACIFIC STARR-BOWKETT BUILDING SOCIETY. NOTICE TO SHAREHOLDERS.
IN accordance with the Public Accountant's Award the Office of the Society will be CLOSED for Business on MONDAY Next, 25th September, 1939, being Dominion Day.
'EVENING STAR.'
INSTRUCTIONS as to the Insertion or Withdrawal of Advertisements to the 'Star.' Alterations for Display Advertisements must be handed in by 11 a.m. on the day before they are required to appear. For the convenience of advertisers replies to advertisements will be received at the Evening Star Office, but the Proprietors do not hold themselves responsible. When every care is exercised in regard to the due insertion of advertisements, the Proprietors do not hold themselves responsible for the non-insertion through accident or from other cause.
MOTORS AND CYCLES.
FOUR SPECIALS FROM THE HOUSE FOR SOUND VALUE.
Chevrolet Junior Coupe, well cared for, excellent mechanical condition, low-pressure tyres, a long-life economical little car: £125. Standard 1936 12-h.p. Saloon, in a late model; low petrol consumption car; good tyres and upholstery, sound order; fine price £195. Chevrolet Four Sedan; overhauled and reconditioned throughout; an economical £14 investment car; £55. Austin 7 Saloon; good tyres, good mechanical condition; a clean little car; £75.
COOKE, HOWLISON AND CO. LTD., 55-59 HANOVER STREET.
CONFIDENTIAL TIME PAYMENT ARRANGEMENTS FOR BUYERS AND SELLERS OF MOTOR CARS. THE OTAGO FINANCE AND AGENCY COMPANY LTD. (Established 1913), T. and G. Buildings, Princes street, Dunedin, C.I.
MORRIS 8 SEDAN, recently rebored, £185.
Also,
BROWNING AUTOMATIC 22-CAL. RIFLE, £5.
B107, 'Star.'
FOR SALE, Ford 8 Saloon, in perfect condition; cheap for cash.—Address A782, 'Star.'
FOR SALE, 1939 Standard Saloon; just run in; would exchange for older model larger car.—A333, 'Star.'
FOR SALE, James Royal Enfield, 1939 model, as new, mileage 1,700; guaranteed £75 cash.—B170, 'Star.'
CHEVROLET Four Coupe, looks like new, well shod, privately owned; only £70.—Phone 13-595.
CHEVROLET Four Tourer, looks like new; tyres good; motor in first class order; £55.—Apply 20 Filleul street.
SAFEGUARD against costly repairs; petrol saving and efficiency, with a modern correct service.—Phone 13-582, Car Sales, 21 Filleul street.
MOTORISTS.—Cardigans, Panels Repaired, Acetone Welding, Accident Insurance Specialists.—Anderson's Motor Works, 140 Crawford street; phone 13-852.
BUILDING a Trailer or Caravan? If so, we'll build with modern Wheels, 16in and 18in; large stock wheels.—Phone 13-852.
FLEETWOOD Rotunda, Octagon Square, Dunedin (opposite railway station).
FLEETWOOD Rotunda, Anzac Square, Dunedin (opposite railway station); fifteen minutes' Parking, 1 Day 1s; Car Repairs; if we cannot make a job of it we won't touch it.
WANTED Sell, Heavy Motor Crossing Tyres and Rims, all sizes; £5.—Sanders, 36 Hanover street.
BABY Austin 1936 Saloon; new tyres; small mileage; £5; terms arranged.—Phone 13-595.
1938 Standard 9 h.p. Saloon, as new, small mileage; £5-£9.—Apply B187, 'Star' Office.
